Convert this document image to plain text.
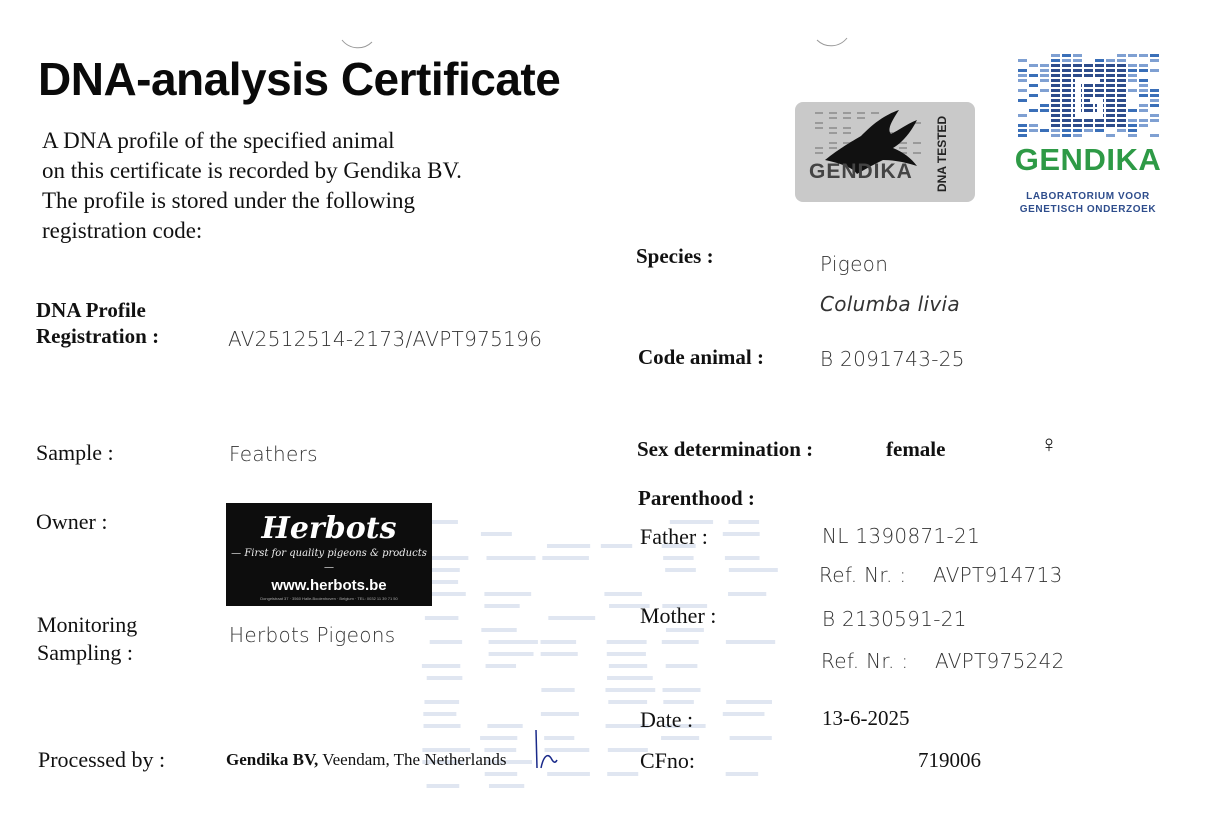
DNA-analysis Certificate
A DNA profile of the specified animal
on this certificate is recorded by Gendika BV.
The profile is stored under the following
registration code:
GENDIKA DNA TESTED	GENDIKA
LABORATORIUM VOOR
GENETISCH ONDERZOEK
DNA Profile
Registration :	AV2512514-2173/AVPT975196
Sample :	Feathers
Owner :	Herbots
— First for quality pigeons & products —
www.herbots.be
Dongelstraat 37 · 3560 Halle-Booienhoven · Belgium · TEL: 0032 11 39 71 50
Monitoring
Sampling :
Herbots Pigeons
Processed by :	Gendika BV, Veendam, The Netherlands
Species :	Pigeon
Columba livia
Code animal :	B 2091743-25
Sex determination :	female	♀
Parenthood :
Father :	NL 1390871-21
Ref. Nr. : AVPT914713
Mother :	B 2130591-21
Ref. Nr. : AVPT975242
Date :	13-6-2025
CFno:	719006
